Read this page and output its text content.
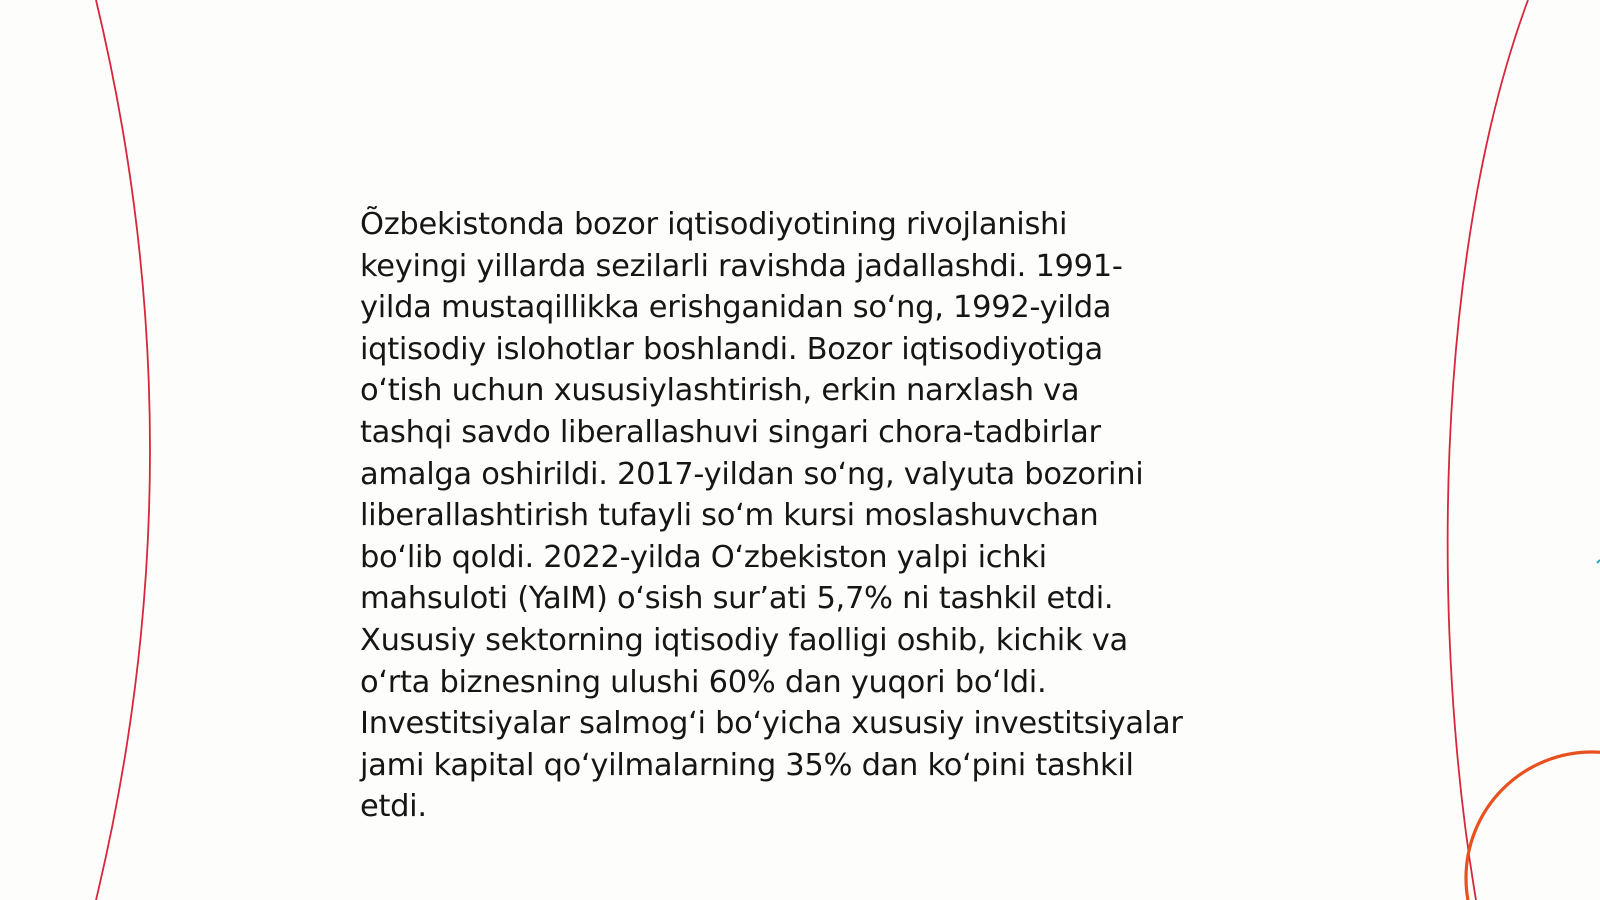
Õzbekistonda bozor iqtisodiyotining rivojlanishi
keyingi yillarda sezilarli ravishda jadallashdi. 1991-
yilda mustaqillikka erishganidan so‘ng, 1992-yilda
iqtisodiy islohotlar boshlandi. Bozor iqtisodiyotiga
o‘tish uchun xususiylashtirish, erkin narxlash va
tashqi savdo liberallashuvi singari chora-tadbirlar
amalga oshirildi. 2017-yildan so‘ng, valyuta bozorini
liberallashtirish tufayli so‘m kursi moslashuvchan
bo‘lib qoldi. 2022-yilda O‘zbekiston yalpi ichki
mahsuloti (YaIM) o‘sish sur’ati 5,7% ni tashkil etdi.
Xususiy sektorning iqtisodiy faolligi oshib, kichik va
o‘rta biznesning ulushi 60% dan yuqori bo‘ldi.
Investitsiyalar salmog‘i bo‘yicha xususiy investitsiyalar
jami kapital qo‘yilmalarning 35% dan ko‘pini tashkil
etdi.
